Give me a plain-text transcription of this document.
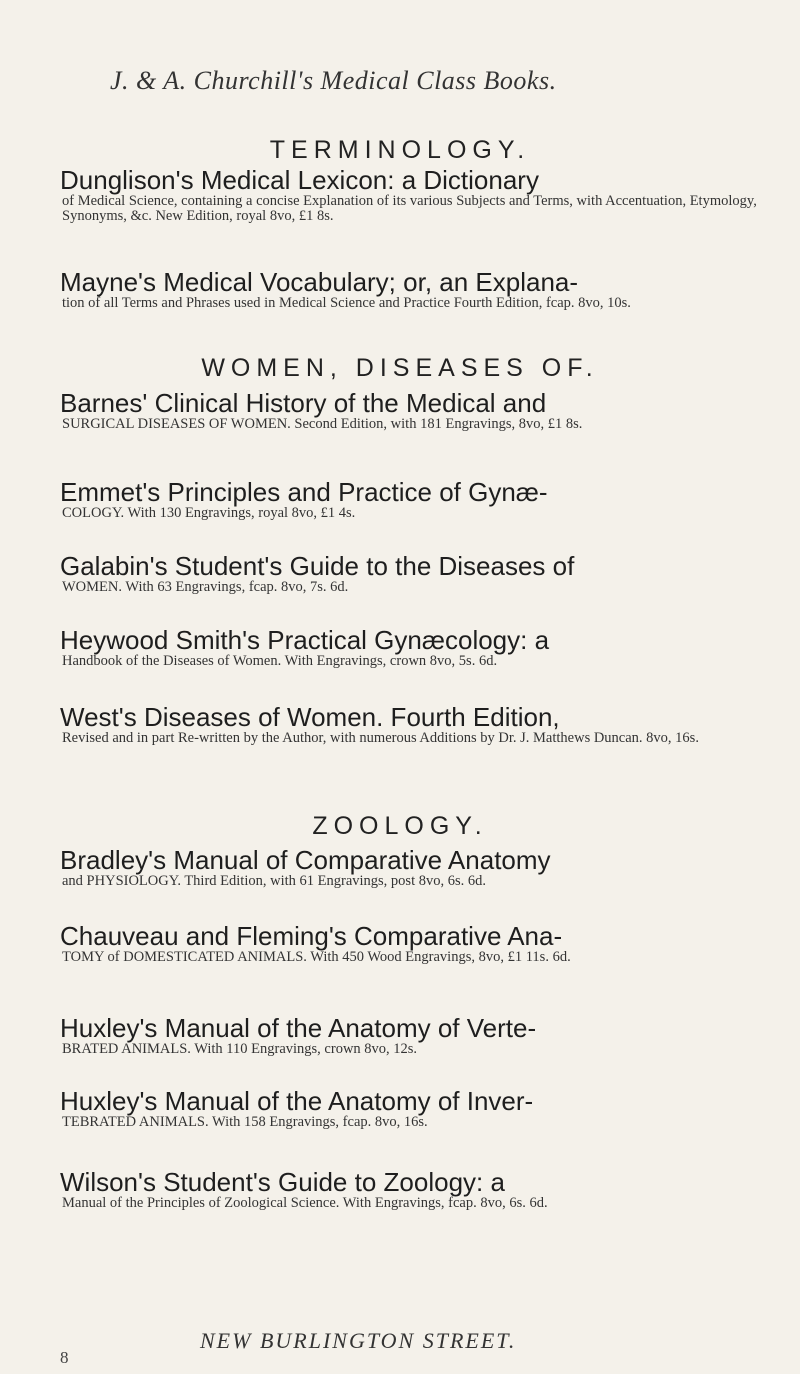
J. & A. Churchill's Medical Class Books.
TERMINOLOGY.
Dunglison's Medical Lexicon: a Dictionary
of Medical Science, containing a concise Explanation of its various Subjects and Terms, with Accentuation, Etymology, Synonyms, &c. New Edition, royal 8vo, £1 8s.
Mayne's Medical Vocabulary; or, an Explana-
tion of all Terms and Phrases used in Medical Science and Practice Fourth Edition, fcap. 8vo, 10s.
WOMEN, DISEASES OF.
Barnes' Clinical History of the Medical and
SURGICAL DISEASES OF WOMEN. Second Edition, with 181 Engravings, 8vo, £1 8s.
Emmet's Principles and Practice of Gynæ-
COLOGY. With 130 Engravings, royal 8vo, £1 4s.
Galabin's Student's Guide to the Diseases of
WOMEN. With 63 Engravings, fcap. 8vo, 7s. 6d.
Heywood Smith's Practical Gynæcology: a
Handbook of the Diseases of Women. With Engravings, crown 8vo, 5s. 6d.
West's Diseases of Women. Fourth Edition,
Revised and in part Re-written by the Author, with numerous Additions by Dr. J. Matthews Duncan. 8vo, 16s.
ZOOLOGY.
Bradley's Manual of Comparative Anatomy
and PHYSIOLOGY. Third Edition, with 61 Engravings, post 8vo, 6s. 6d.
Chauveau and Fleming's Comparative Ana-
TOMY of DOMESTICATED ANIMALS. With 450 Wood Engravings, 8vo, £1 11s. 6d.
Huxley's Manual of the Anatomy of Verte-
BRATED ANIMALS. With 110 Engravings, crown 8vo, 12s.
Huxley's Manual of the Anatomy of Inver-
TEBRATED ANIMALS. With 158 Engravings, fcap. 8vo, 16s.
Wilson's Student's Guide to Zoology: a
Manual of the Principles of Zoological Science. With Engravings, fcap. 8vo, 6s. 6d.
NEW BURLINGTON STREET.
8
